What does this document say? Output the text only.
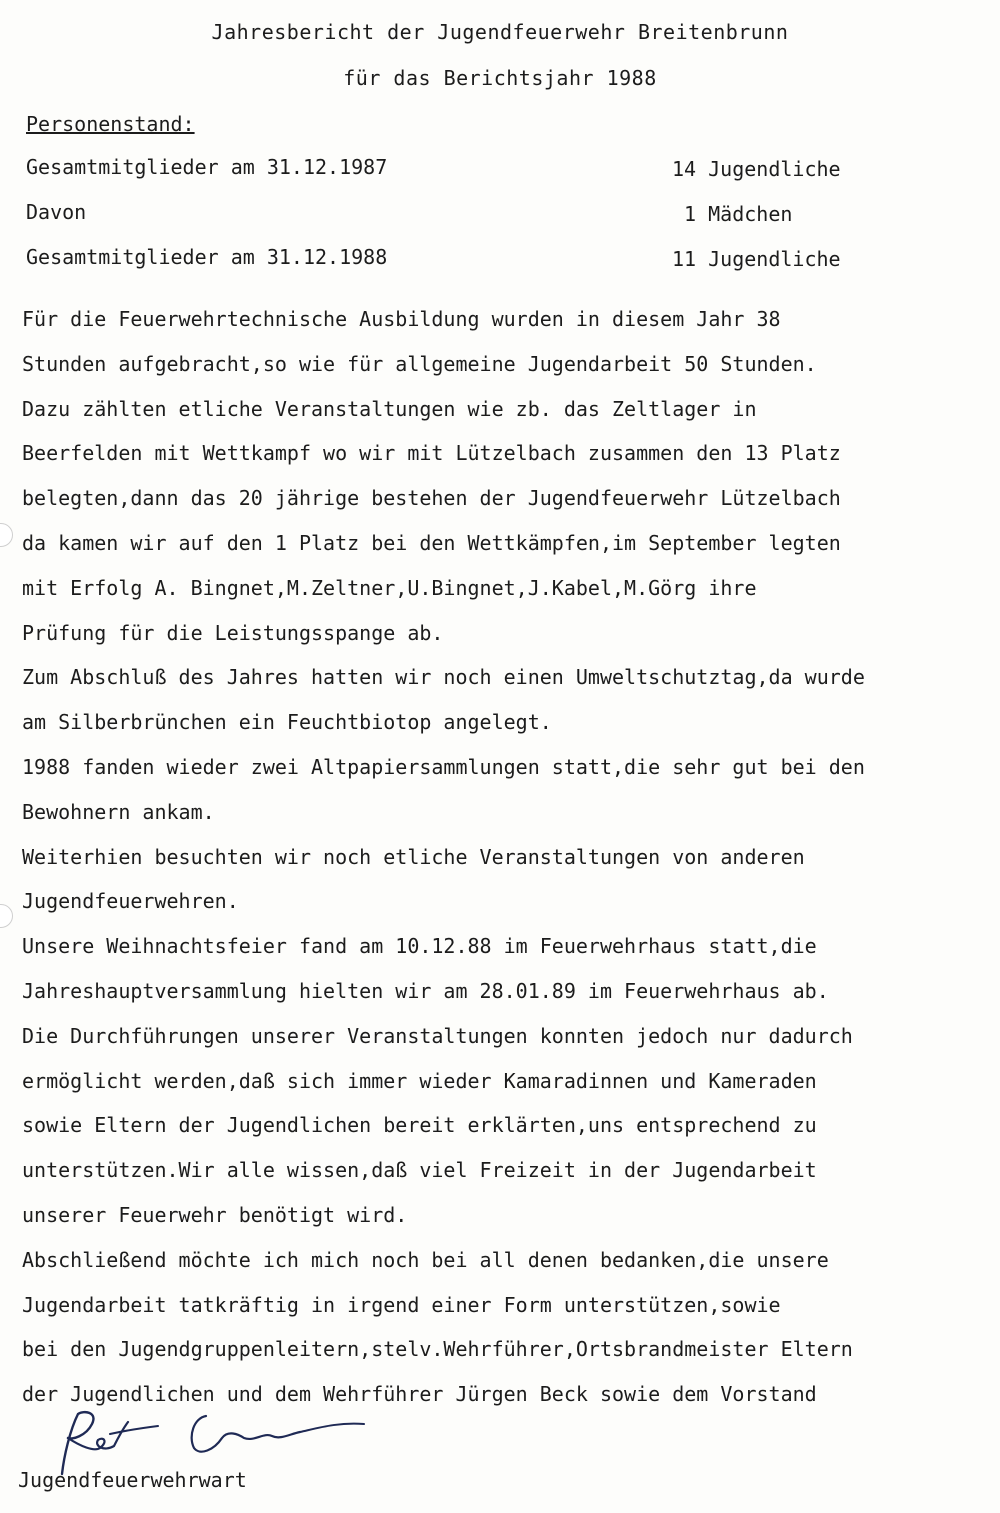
Jahresbericht der Jugendfeuerwehr Breitenbrunn
für das Berichtsjahr 1988
Personenstand:
Gesamtmitglieder am 31.12.1987	14 Jugendliche
Davon	1 Mädchen
Gesamtmitglieder am 31.12.1988	11 Jugendliche
Für die Feuerwehrtechnische Ausbildung wurden in diesem Jahr 38
Stunden aufgebracht,so wie für allgemeine Jugendarbeit 50 Stunden.
Dazu zählten etliche Veranstaltungen wie zb. das Zeltlager in
Beerfelden mit Wettkampf wo wir mit Lützelbach zusammen den 13 Platz
belegten,dann das 20 jährige bestehen der Jugendfeuerwehr Lützelbach
da kamen wir auf den 1 Platz bei den Wettkämpfen,im September legten
mit Erfolg A. Bingnet,M.Zeltner,U.Bingnet,J.Kabel,M.Görg ihre
Prüfung für die Leistungsspange ab.
Zum Abschluß des Jahres hatten wir noch einen Umweltschutztag,da wurde
am Silberbrünchen ein Feuchtbiotop angelegt.
1988 fanden wieder zwei Altpapiersammlungen statt,die sehr gut bei den
Bewohnern ankam.
Weiterhien besuchten wir noch etliche Veranstaltungen von anderen
Jugendfeuerwehren.
Unsere Weihnachtsfeier fand am 10.12.88 im Feuerwehrhaus statt,die
Jahreshauptversammlung hielten wir am 28.01.89 im Feuerwehrhaus ab.
Die Durchführungen unserer Veranstaltungen konnten jedoch nur dadurch
ermöglicht werden,daß sich immer wieder Kamaradinnen und Kameraden
sowie Eltern der Jugendlichen bereit erklärten,uns entsprechend zu
unterstützen.Wir alle wissen,daß viel Freizeit in der Jugendarbeit
unserer Feuerwehr benötigt wird.
Abschließend möchte ich mich noch bei all denen bedanken,die unsere
Jugendarbeit tatkräftig in irgend einer Form unterstützen,sowie
bei den Jugendgruppenleitern,stelv.Wehrführer,Ortsbrandmeister Eltern
der Jugendlichen und dem Wehrführer Jürgen Beck sowie dem Vorstand
Jugendfeuerwehrwart
